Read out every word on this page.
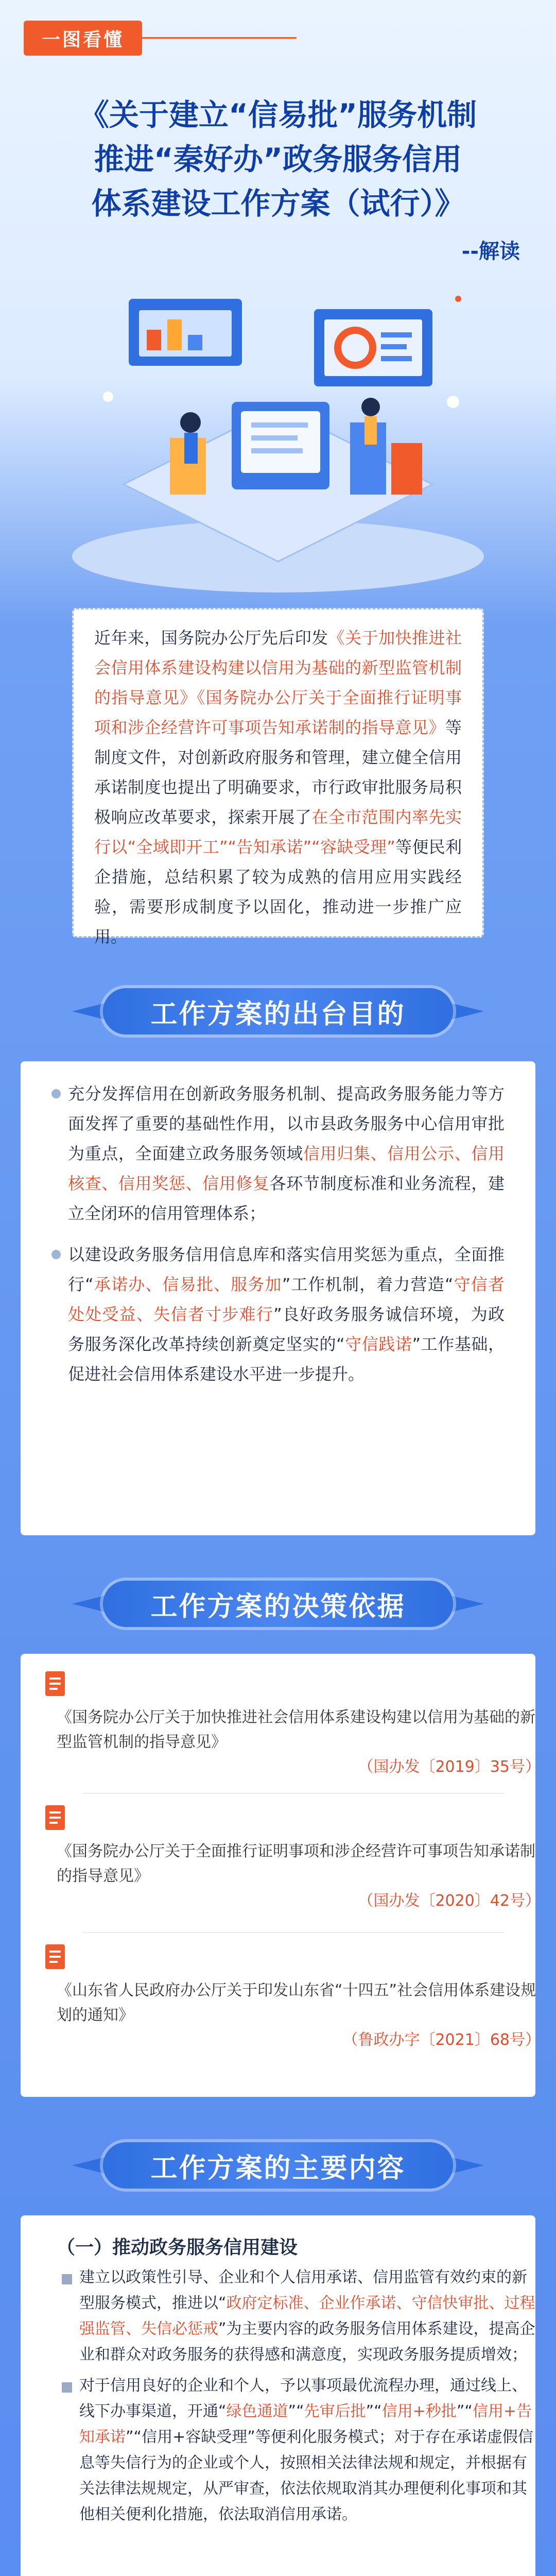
一图看懂
《关于建立“信易批”服务机制
推进“秦好办”政务服务信用
体系建设工作方案（试行）》
--解读
近年来，国务院办公厅先后印发《关于加快推进社会信用体系建设构建以信用为基础的新型监管机制的指导意见》《国务院办公厅关于全面推行证明事项和涉企经营许可事项告知承诺制的指导意见》等制度文件，对创新政府服务和管理，建立健全信用承诺制度也提出了明确要求，市行政审批服务局积极响应改革要求，探索开展了在全市范围内率先实行以“全域即开工”“告知承诺”“容缺受理”等便民利企措施，总结积累了较为成熟的信用应用实践经验，需要形成制度予以固化，推动进一步推广应用。
工作方案的出台目的
充分发挥信用在创新政务服务机制、提高政务服务能力等方面发挥了重要的基础性作用，以市县政务服务中心信用审批为重点，全面建立政务服务领域信用归集、信用公示、信用核查、信用奖惩、信用修复各环节制度标准和业务流程，建立全闭环的信用管理体系；
以建设政务服务信用信息库和落实信用奖惩为重点，全面推行“承诺办、信易批、服务加”工作机制，着力营造“守信者处处受益、失信者寸步难行”良好政务服务诚信环境，为政务服务深化改革持续创新奠定坚实的“守信践诺”工作基础，促进社会信用体系建设水平进一步提升。
工作方案的决策依据
《国务院办公厅关于加快推进社会信用体系建设构建以信用为基础的新型监管机制的指导意见》
（国办发〔2019〕35号）
《国务院办公厅关于全面推行证明事项和涉企经营许可事项告知承诺制的指导意见》
（国办发〔2020〕42号）
《山东省人民政府办公厅关于印发山东省“十四五”社会信用体系建设规划的通知》
（鲁政办字〔2021〕68号）
工作方案的主要内容
（一）推动政务服务信用建设
建立以政策性引导、企业和个人信用承诺、信用监管有效约束的新型服务模式，推进以“政府定标准、企业作承诺、守信快审批、过程强监管、失信必惩戒”为主要内容的政务服务信用体系建设，提高企业和群众对政务服务的获得感和满意度，实现政务服务提质增效；
对于信用良好的企业和个人，予以事项最优流程办理，通过线上、线下办事渠道，开通“绿色通道”“先审后批”“信用+秒批”“信用+告知承诺”“信用+容缺受理”等便利化服务模式；对于存在承诺虚假信息等失信行为的企业或个人，按照相关法律法规和规定，并根据有关法律法规规定，从严审查，依法依规取消其办理便利化事项和其他相关便利化措施，依法取消信用承诺。
